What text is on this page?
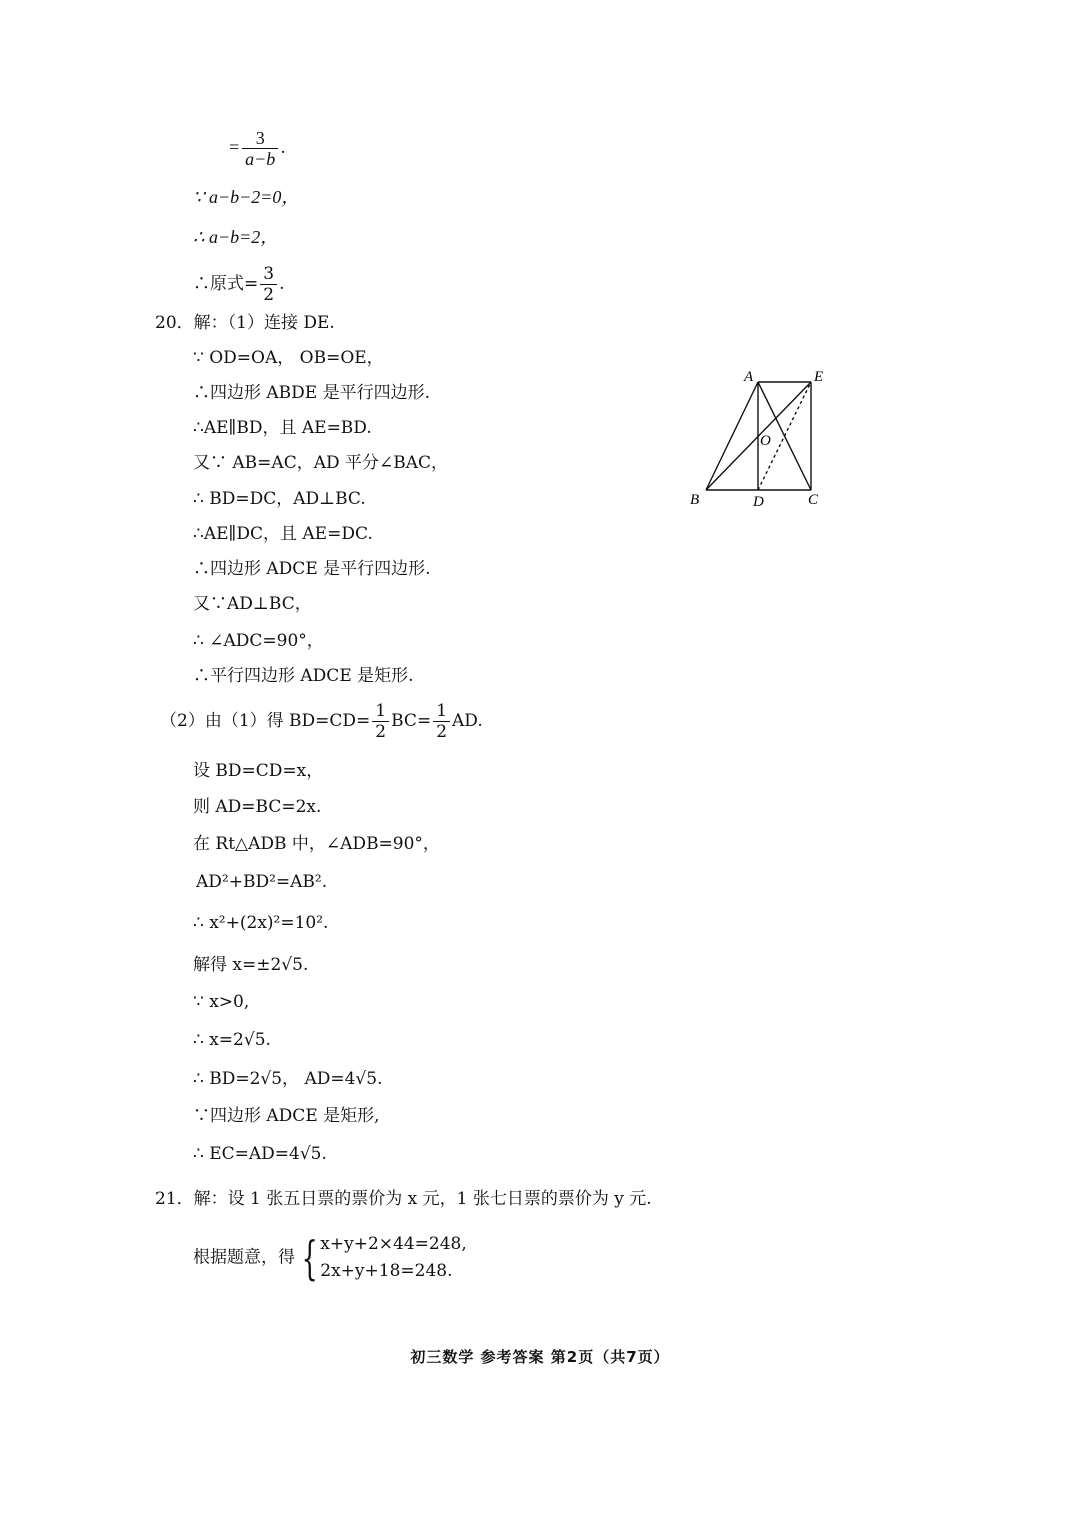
= $\frac{3}{a-b}$ .
∵ a−b−2=0，
∴ a−b=2，
∴原式= $\frac{3}{2}$ .
20．解：（1）连接 DE.
∵ OD=OA， OB=OE，
∴四边形 ABDE 是平行四边形.
∴AE∥BD，且 AE=BD.
又∵ AB=AC，AD 平分∠BAC，
∴ BD=DC，AD⊥BC.
∴AE∥DC，且 AE=DC.
∴四边形 ADCE 是平行四边形.
又∵AD⊥BC，
∴ ∠ADC=90°，
∴平行四边形 ADCE 是矩形.
A	E
O
B	D	C
（2）由（1）得 $BD=CD= \frac{1}{2} BC= \frac{1}{2}$ AD.
设 BD=CD=x，
则 AD=BC=2x.
在 Rt△ADB 中，∠ADB=90°，
AD²+BD²=AB².
∴ x²+(2x)²=10².
解得 x=±2√5.
∵ x>0,
∴ x=2√5.
∴ BD=2√5， AD=4√5.
∵四边形 ADCE 是矩形,
∴ EC=AD=4√5.
21．解：设 1 张五日票的票价为 x 元，1 张七日票的票价为 y 元.
根据题意，得 { x+y+2×44=248,
2x+y+18=248.
初三数学 参考答案 第2页（共7页）
